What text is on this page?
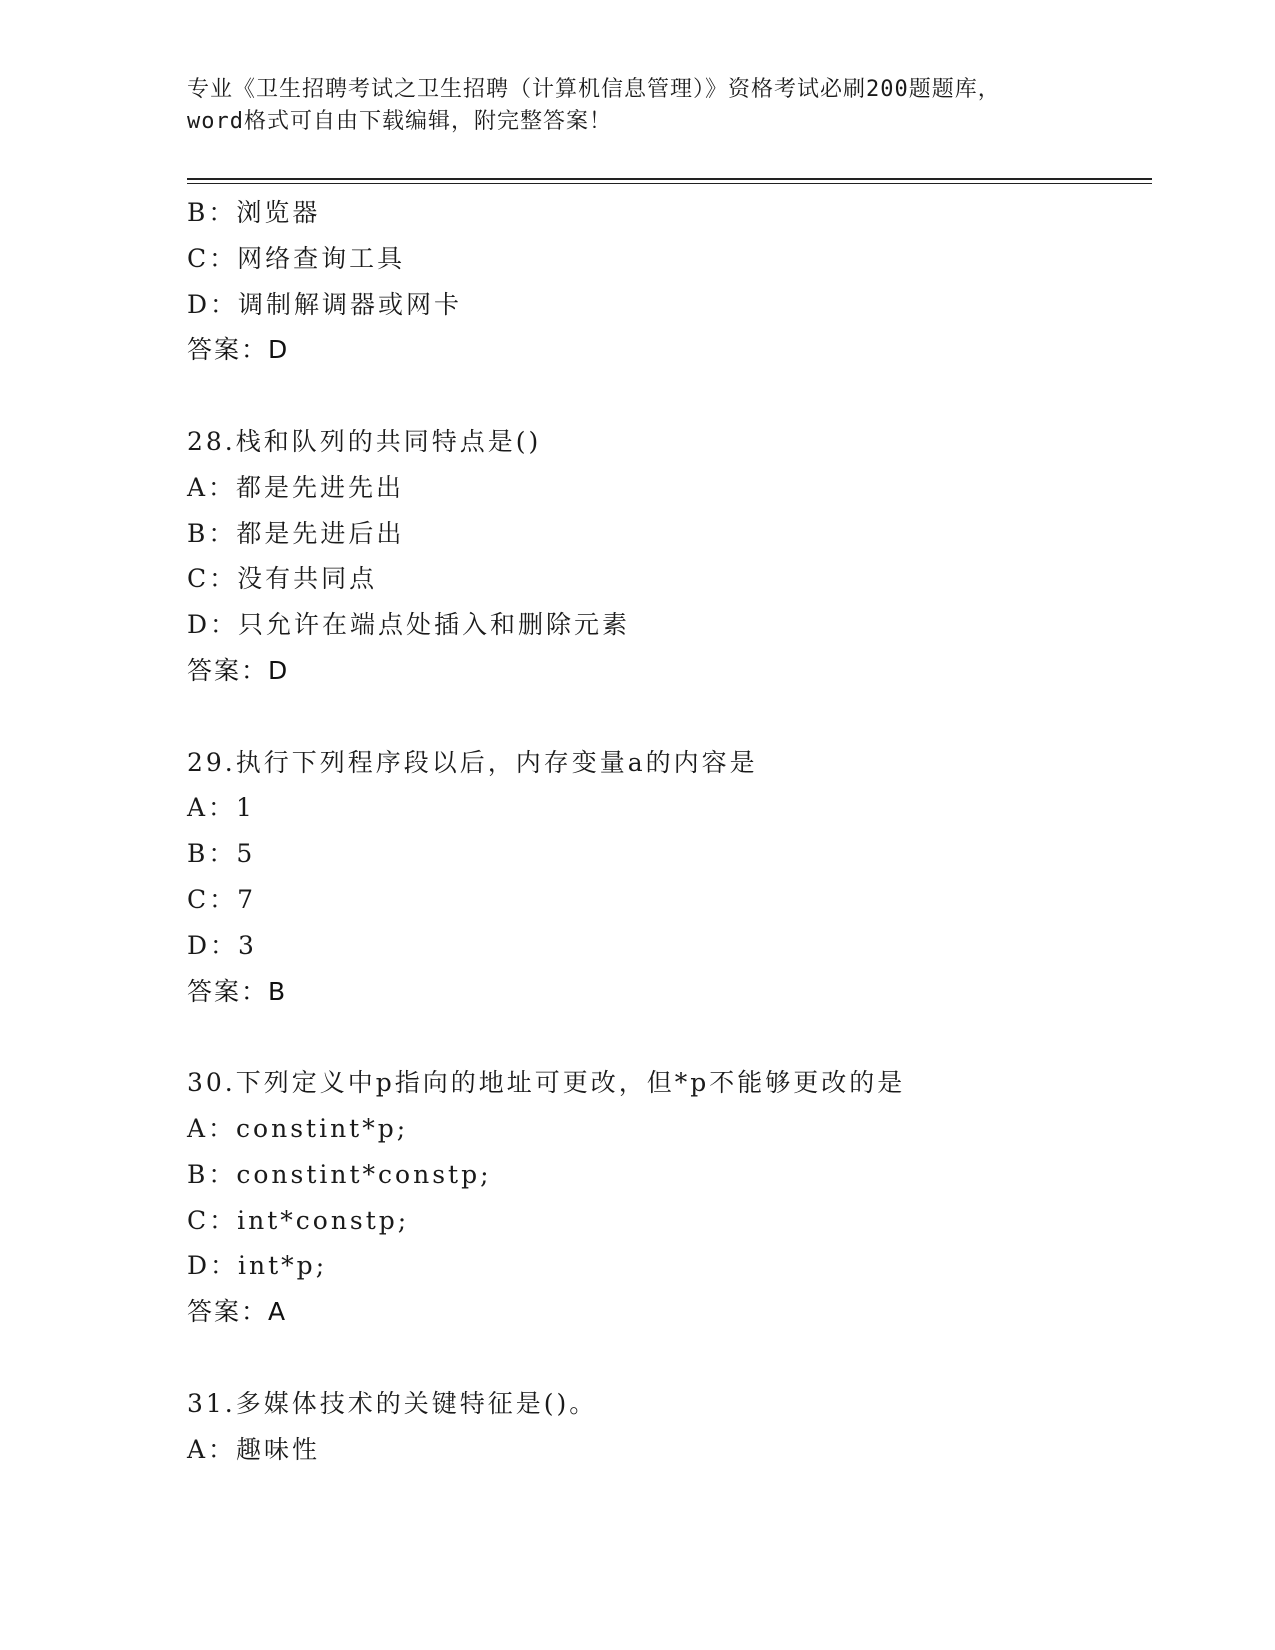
专业《卫生招聘考试之卫生招聘（计算机信息管理）》资格考试必刷200题题库，
word格式可自由下载编辑，附完整答案！
B：浏览器
C：网络查询工具
D：调制解调器或网卡
答案：D
28.栈和队列的共同特点是()
A：都是先进先出
B：都是先进后出
C：没有共同点
D：只允许在端点处插入和删除元素
答案：D
29.执行下列程序段以后，内存变量a的内容是
A：1
B：5
C：7
D：3
答案：B
30.下列定义中p指向的地址可更改，但*p不能够更改的是
A：constint*p;
B：constint*constp;
C：int*constp;
D：int*p;
答案：A
31.多媒体技术的关键特征是()。
A：趣味性
